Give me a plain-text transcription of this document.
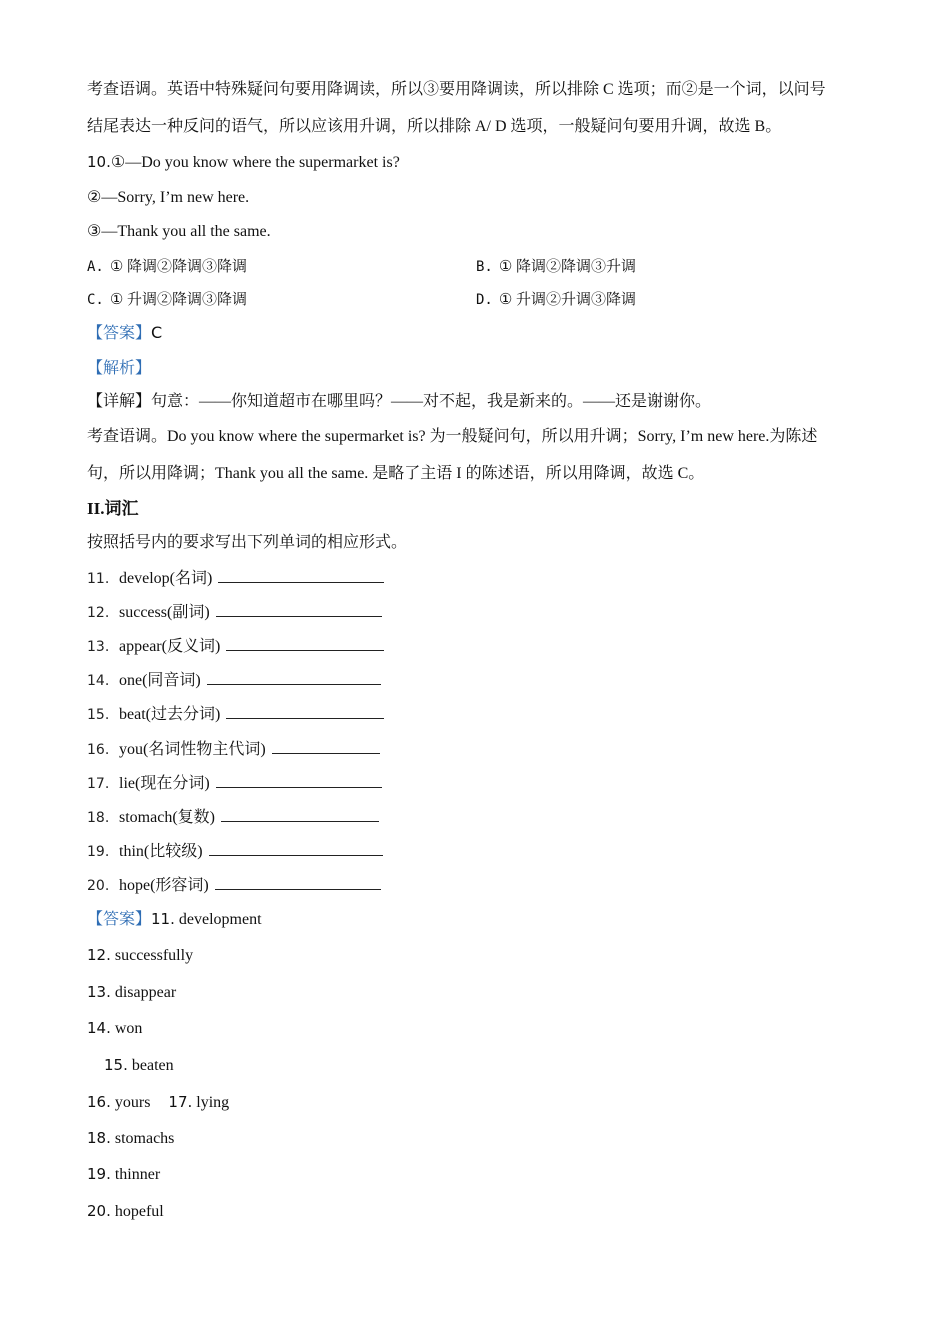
考查语调。英语中特殊疑问句要用降调读，所以③要用降调读，所以排除 C 选项；而②是一个词，以问号
结尾表达一种反问的语气，所以应该用升调，所以排除 A/ D 选项，一般疑问句要用升调，故选 B。
10.①—Do you know where the supermarket is?
②—Sorry, I’m new here.
③—Thank you all the same.
A. ① 降调②降调③降调	B. ① 降调②降调③升调
C. ① 升调②降调③降调	D. ① 升调②升调③降调
【答案】C
【解析】
【详解】句意：——你知道超市在哪里吗？——对不起，我是新来的。——还是谢谢你。
考查语调。Do you know where the supermarket is? 为一般疑问句，所以用升调；Sorry, I’m new here.为陈述
句，所以用降调；Thank you all the same. 是略了主语 I 的陈述语，所以用降调，故选 C。
II.词汇
按照括号内的要求写出下列单词的相应形式。
11. develop(名词)
12. success(副词)
13. appear(反义词)
14. one(同音词)
15. beat(过去分词)
16. you(名词性物主代词)
17. lie(现在分词)
18. stomach(复数)
19. thin(比较级)
20. hope(形容词)
【答案】11. development
12. successfully
13. disappear
14. won
15. beaten
16. yours 17. lying
18. stomachs
19. thinner
20. hopeful
